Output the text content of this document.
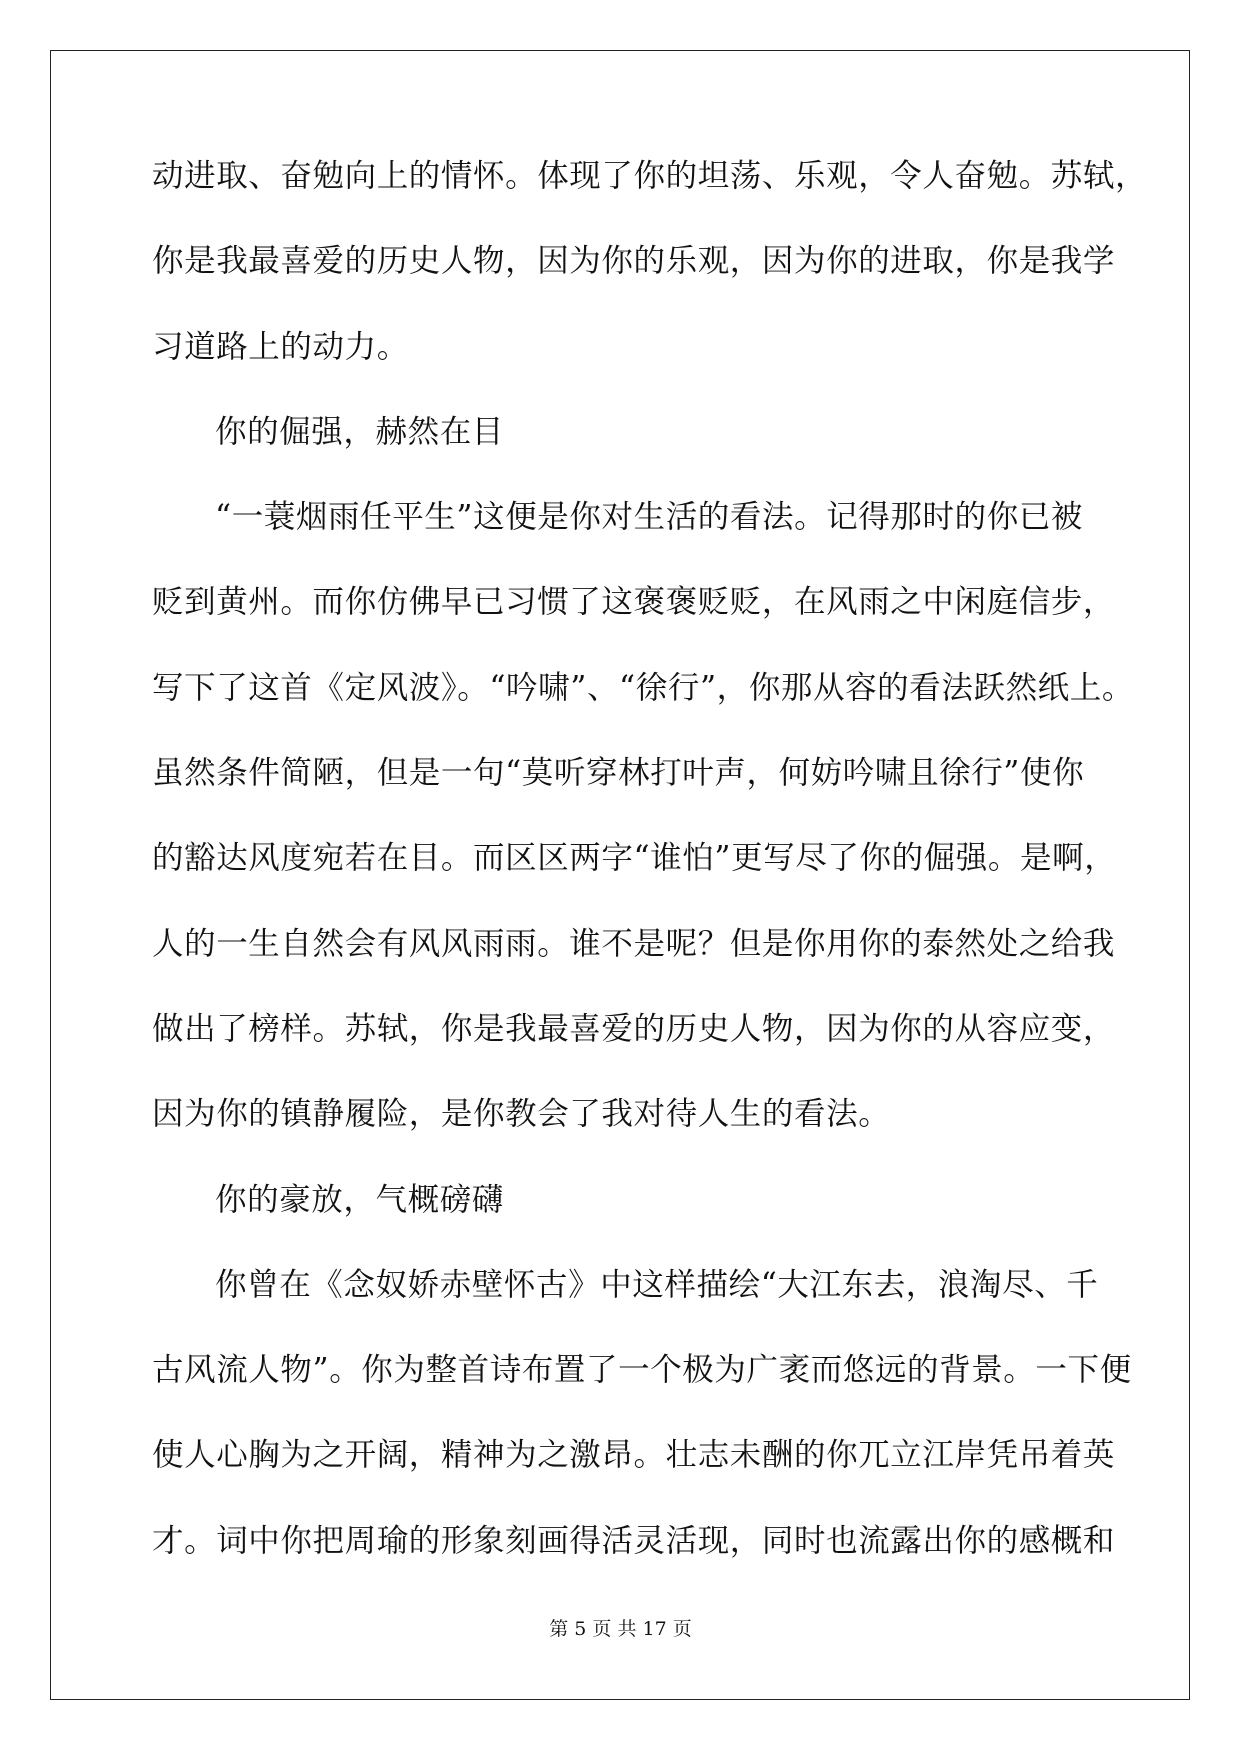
动进取、奋勉向上的情怀。体现了你的坦荡、乐观，令人奋勉。苏轼，
你是我最喜爱的历史人物，因为你的乐观，因为你的进取，你是我学
习道路上的动力。
你的倔强，赫然在目
“一蓑烟雨任平生”这便是你对生活的看法。记得那时的你已被
贬到黄州。而你仿佛早已习惯了这褒褒贬贬，在风雨之中闲庭信步，
写下了这首《定风波》。“吟啸”、“徐行”，你那从容的看法跃然纸上。
虽然条件简陋，但是一句“莫听穿林打叶声，何妨吟啸且徐行”使你
的豁达风度宛若在目。而区区两字“谁怕”更写尽了你的倔强。是啊，
人的一生自然会有风风雨雨。谁不是呢？但是你用你的泰然处之给我
做出了榜样。苏轼，你是我最喜爱的历史人物，因为你的从容应变，
因为你的镇静履险，是你教会了我对待人生的看法。
你的豪放，气概磅礴
你曾在《念奴娇赤壁怀古》中这样描绘“大江东去，浪淘尽、千
古风流人物”。你为整首诗布置了一个极为广袤而悠远的背景。一下便
使人心胸为之开阔，精神为之激昂。壮志未酬的你兀立江岸凭吊着英
才。词中你把周瑜的形象刻画得活灵活现，同时也流露出你的感概和
第 5 页 共 17 页
